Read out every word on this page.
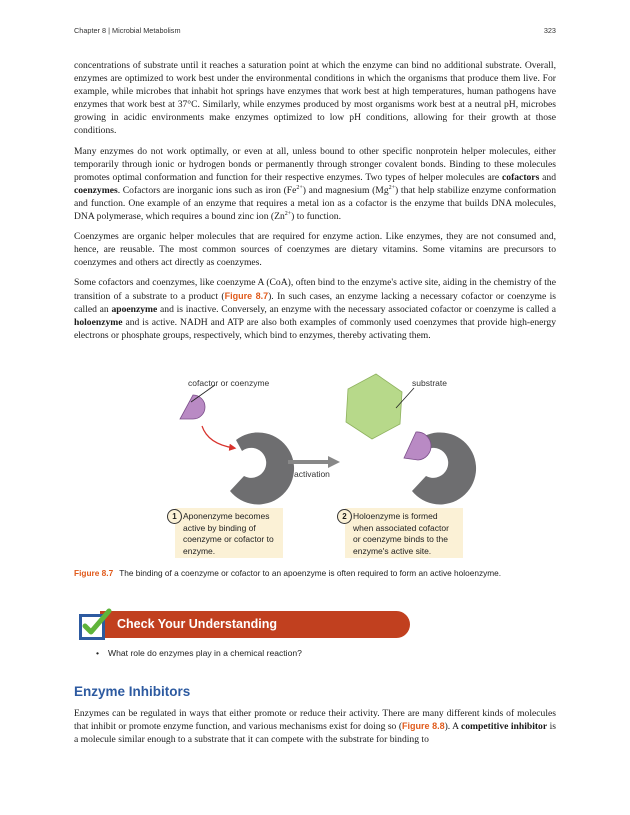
Chapter 8 | Microbial Metabolism	323

concentrations of substrate until it reaches a saturation point at which the enzyme can bind no additional substrate. Overall, enzymes are optimized to work best under the environmental conditions in which the organisms that produce them live. For example, while microbes that inhabit hot springs have enzymes that work best at high temperatures, human pathogens have enzymes that work best at 37°C. Similarly, while enzymes produced by most organisms work best at a neutral pH, microbes growing in acidic environments make enzymes optimized to low pH conditions, allowing for their growth at those conditions.

Many enzymes do not work optimally, or even at all, unless bound to other specific nonprotein helper molecules, either temporarily through ionic or hydrogen bonds or permanently through stronger covalent bonds. Binding to these molecules promotes optimal conformation and function for their respective enzymes. Two types of helper molecules are cofactors and coenzymes. Cofactors are inorganic ions such as iron $(Fe^{2+})$ and magnesium $(Mg^{2+})$ that help stabilize enzyme conformation and function. One example of an enzyme that requires a metal ion as a cofactor is the enzyme that builds DNA molecules, DNA polymerase, which requires a bound zinc ion $(Zn^{2+})$ to function.

Coenzymes are organic helper molecules that are required for enzyme action. Like enzymes, they are not consumed and, hence, are reusable. The most common sources of coenzymes are dietary vitamins. Some vitamins are precursors to coenzymes and others act directly as coenzymes.

Some cofactors and coenzymes, like coenzyme A (CoA), often bind to the enzyme's active site, aiding in the chemistry of the transition of a substrate to a product (Figure 8.7). In such cases, an enzyme lacking a necessary cofactor or coenzyme is called an apoenzyme and is inactive. Conversely, an enzyme with the necessary associated cofactor or coenzyme is called a holoenzyme and is active. NADH and ATP are also both examples of commonly used coenzymes that provide high-energy electrons or phosphate groups, respectively, which bind to enzymes, thereby activating them.

cofactor or coenzyme	substrate
activation
Aponenzyme becomes active by binding of coenzyme or cofactor to enzyme.
1	Holoenzyme is formed when associated cofactor or coenzyme binds to the enzyme's active site.
2
Figure 8.7 The binding of a coenzyme or cofactor to an apoenzyme is often required to form an active holoenzyme.
Check Your Understanding
• What role do enzymes play in a chemical reaction?
Enzyme Inhibitors

Enzymes can be regulated in ways that either promote or reduce their activity. There are many different kinds of molecules that inhibit or promote enzyme function, and various mechanisms exist for doing so (Figure 8.8). A competitive inhibitor is a molecule similar enough to a substrate that it can compete with the substrate for binding to
